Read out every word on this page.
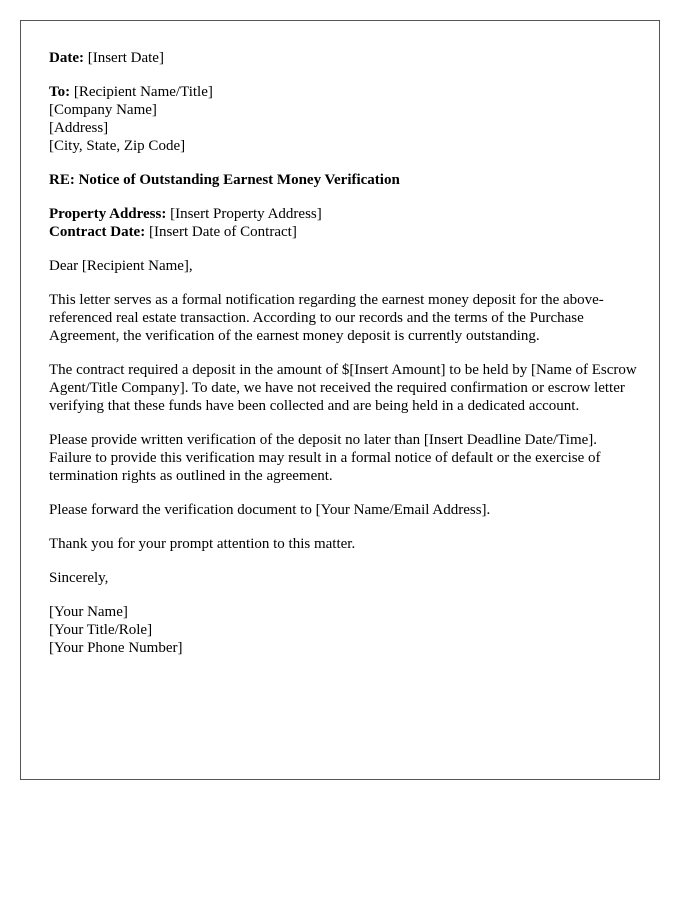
Date: [Insert Date]
To: [Recipient Name/Title]
[Company Name]
[Address]
[City, State, Zip Code]
RE: Notice of Outstanding Earnest Money Verification
Property Address: [Insert Property Address]
Contract Date: [Insert Date of Contract]

Dear [Recipient Name],

This letter serves as a formal notification regarding the earnest money deposit for the above-referenced real estate transaction. According to our records and the terms of the Purchase Agreement, the verification of the earnest money deposit is currently outstanding.

The contract required a deposit in the amount of $[Insert Amount] to be held by [Name of Escrow Agent/Title Company]. To date, we have not received the required confirmation or escrow letter verifying that these funds have been collected and are being held in a dedicated account.

Please provide written verification of the deposit no later than [Insert Deadline Date/Time]. Failure to provide this verification may result in a formal notice of default or the exercise of termination rights as outlined in the agreement.

Please forward the verification document to [Your Name/Email Address].

Thank you for your prompt attention to this matter.

Sincerely,

[Your Name]
[Your Title/Role]
[Your Phone Number]
